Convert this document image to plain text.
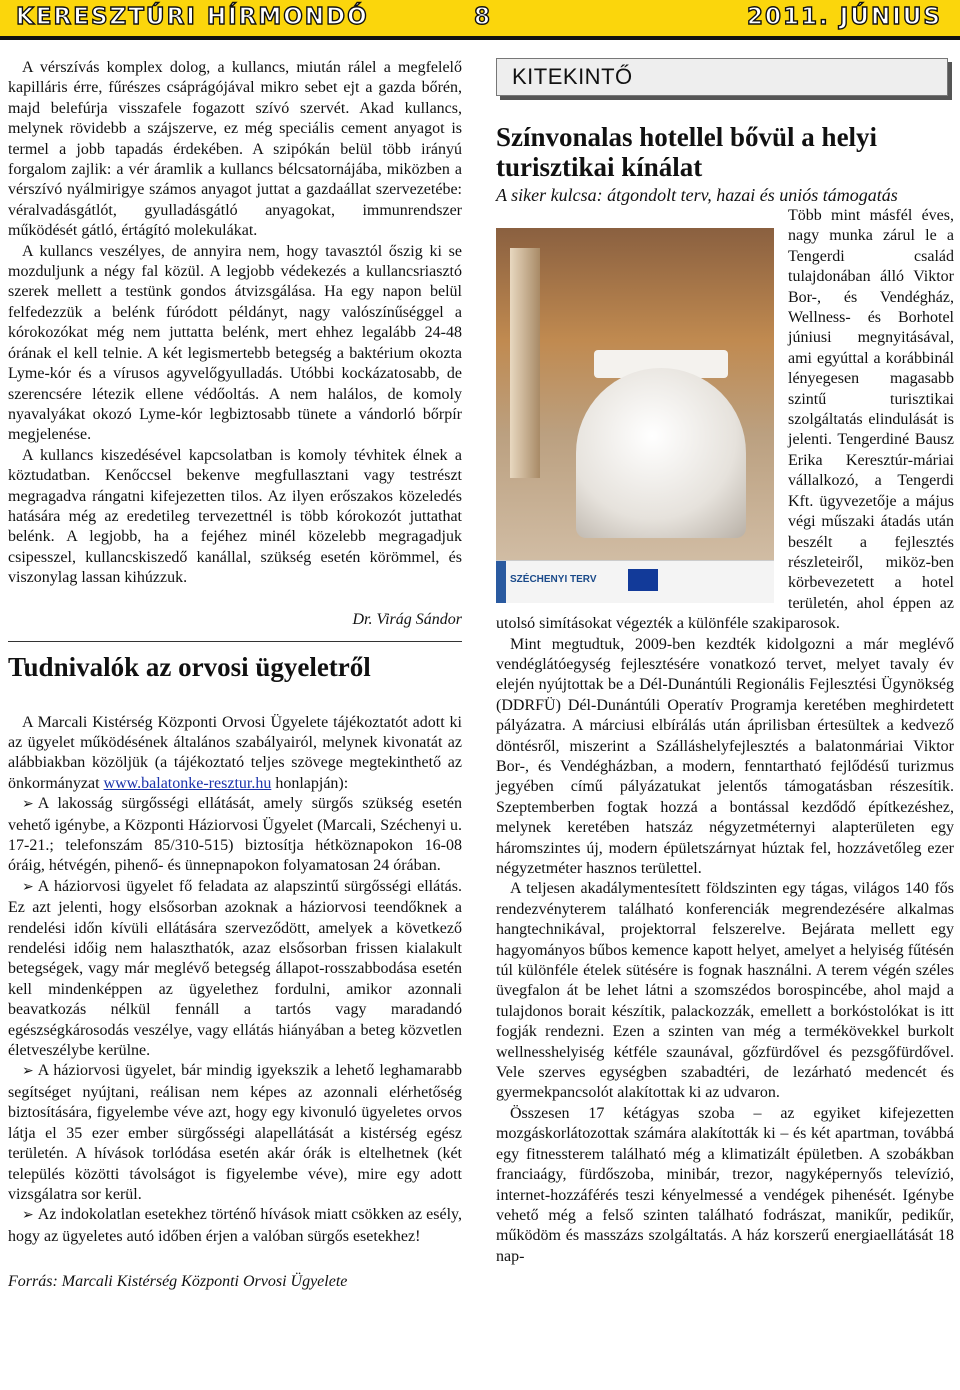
KERESZTÚRI HÍRMONDÓ	8	2011. JÚNIUS

A vérszívás komplex dolog, a kullancs, miután rálel a megfelelő kapilláris érre, fűrészes csáprágójával mikro sebet ejt a gazda bőrén, majd belefúrja visszafele fogazott szívó szervét. Akad kullancs, melynek rövidebb a szájszerve, ez még speciális cement anyagot is termel a jobb tapadás érdekében. A szipókán belül több irányú forgalom zajlik: a vér áramlik a kullancs bélcsatornájába, miközben a vérszívó nyálmirigye számos anyagot juttat a gazdaállat szervezetébe: véralvadásgátlót, gyulladásgátló anyagokat, immunrendszer működését gátló, értágító molekulákat.

A kullancs veszélyes, de annyira nem, hogy tavasztól őszig ki se mozduljunk a négy fal közül. A legjobb védekezés a kullancsriasztó szerek mellett a testünk gondos átvizsgálása. Ha egy napon belül felfedezzük a belénk fúródott példányt, nagy valószínűséggel a kórokozókat még nem juttatta belénk, mert ehhez legalább 24-48 órának el kell telnie. A két legismertebb betegség a baktérium okozta Lyme-kór és a vírusos agyvelőgyulladás. Utóbbi kockázatosabb, de szerencsére létezik ellene védőoltás. A nem halálos, de komoly nyavalyákat okozó Lyme-kór legbiztosabb tünete a vándorló bőrpír megjelenése.

A kullancs kiszedésével kapcsolatban is komoly tévhitek élnek a köztudatban. Kenőccsel bekenve megfullasztani vagy testrészt megragadva rángatni kifejezetten tilos. Az ilyen erőszakos közeledés hatására még az eredetileg tervezettnél is több kórokozót juttathat belénk. A legjobb, ha a fejéhez minél közelebb megragadjuk csipesszel, kullancskiszedő kanállal, szükség esetén körömmel, és viszonylag lassan kihúzzuk.

Dr. Virág Sándor
Tudnivalók az orvosi ügyeletről

A Marcali Kistérség Központi Orvosi Ügyelete tájékoztatót adott ki az ügyelet működésének általános szabályairól, melynek kivonatát az alábbiakban közöljük (a tájékoztató teljes szövege megtekinthető az önkormányzat www.balatonke-resztur.hu honlapján):

➢ A lakosság sürgősségi ellátását, amely sürgős szükség esetén vehető igénybe, a Központi Háziorvosi Ügyelet (Marcali, Széchenyi u. 17-21.; telefonszám 85/310-515) biztosítja hétköznapokon 16-08 óráig, hétvégén, pihenő- és ünnepnapokon folyamatosan 24 órában.

➢ A háziorvosi ügyelet fő feladata az alapszintű sürgősségi ellátás. Ez azt jelenti, hogy elsősorban azoknak a háziorvosi teendőknek a rendelési időn kívüli ellátására szerveződött, amelyek a következő rendelési időig nem halaszthatók, azaz elsősorban frissen kialakult betegségek, vagy már meglévő betegség állapot-rosszabbodása esetén kell mindenképpen az ügyelethez fordulni, amikor azonnali beavatkozás nélkül fennáll a tartós vagy maradandó egészségkárosodás veszélye, vagy ellátás hiányában a beteg közvetlen életveszélybe kerülne.

➢ A háziorvosi ügyelet, bár mindig igyekszik a lehető leghamarabb segítséget nyújtani, reálisan nem képes az azonnali elérhetőség biztosítására, figyelembe véve azt, hogy egy kivonuló ügyeletes orvos látja el 35 ezer ember sürgősségi alapellátását a kistérség egész területén. A hívások torlódása esetén akár órák is eltelhetnek (két település közötti távolságot is figyelembe véve), mire egy adott vizsgálatra sor kerül.

➢ Az indokolatlan esetekhez történő hívások miatt csökken az esély, hogy az ügyeletes autó időben érjen a valóban sürgős esetekhez!

Forrás: Marcali Kistérség Központi Orvosi Ügyelete
KITEKINTŐ
Színvonalas hotellel bővül a helyi turisztikai kínálat
A siker kulcsa: átgondolt terv, hazai és uniós támogatás
SZÉCHENYI TERV

Több mint másfél éves, nagy munka zárul le a Tengerdi család tulajdonában álló Viktor Bor-, és Vendégház, Wellness- és Borhotel júniusi megnyitásával, ami egyúttal a korábbinál lényegesen magasabb szintű turisztikai szolgáltatás elindulását is jelenti. Tengerdiné Bausz Erika Keresztúr-máriai vállalkozó, a Tengerdi Kft. ügyvezetője a május végi műszaki átadás után beszélt a fejlesztés részleteiről, miköz-ben körbevezetett a hotel területén, ahol éppen az utolsó simításokat végezték a különféle szakiparosok.

Mint megtudtuk, 2009-ben kezdték kidolgozni a már meglévő vendéglátóegység fejlesztésére vonatkozó tervet, melyet tavaly év elején nyújtottak be a Dél-Dunántúli Regionális Fejlesztési Ügynökség (DDRFÜ) Dél-Dunántúli Operatív Programja keretében meghirdetett pályázatra. A márciusi elbírálás után áprilisban értesültek a kedvező döntésről, miszerint a Szálláshelyfejlesztés a balatonmáriai Viktor Bor-, és Vendégházban, a modern, fenntartható fejlődésű turizmus jegyében című pályázatukat jelentős támogatásban részesítik. Szeptemberben fogtak hozzá a bontással kezdődő építkezéshez, melynek keretében hatszáz négyzetméternyi alapterületen egy háromszintes új, modern épületszárnyat húztak fel, hozzávetőleg ezer négyzetméter hasznos területtel.

A teljesen akadálymentesített földszinten egy tágas, világos 140 fős rendezvényterem található konferenciák megrendezésére alkalmas hangtechnikával, projektorral felszerelve. Bejárata mellett egy hagyományos bűbos kemence kapott helyet, amelyet a helyiség fűtésén túl különféle ételek sütésére is fognak használni. A terem végén széles üvegfalon át be lehet látni a szomszédos borospincébe, ahol majd a tulajdonos borait készítik, palackozzák, emellett a borkóstolókat is itt fogják rendezni. Ezen a szinten van még a termékövekkel burkolt wellnesshelyiség kétféle szaunával, gőzfürdővel és pezsgőfürdővel. Vele szerves egységben szabadtéri, de lezárható medencét és gyermekpancsolót alakítottak ki az udvaron.

Összesen 17 kétágyas szoba – az egyiket kifejezetten mozgáskorlátozottak számára alakították ki – és két apartman, továbbá egy fitnessterem található még a klimatizált épületben. A szobákban franciaágy, fürdőszoba, minibár, trezor, nagyképernyős televízió, internet-hozzáférés teszi kényelmessé a vendégek pihenését. Igénybe vehető még a felső szinten található fodrászat, manikűr, pedikűr, működöm és masszázs szolgáltatás. A ház korszerű energiaellátását 18 nap-
